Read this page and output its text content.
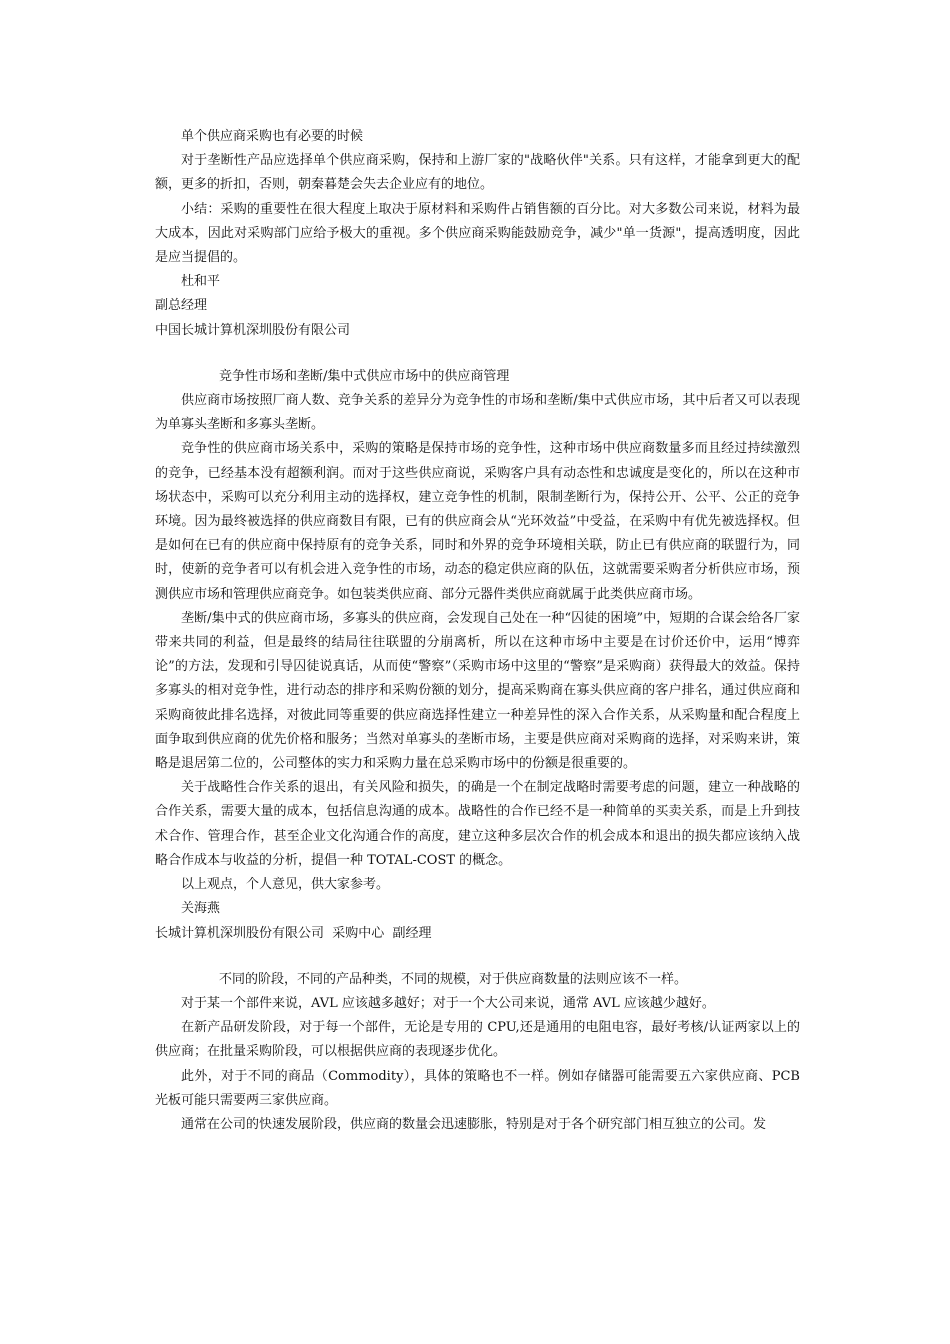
单个供应商采购也有必要的时候

对于垄断性产品应选择单个供应商采购，保持和上游厂家的"战略伙伴"关系。只有这样，才能拿到更大的配额，更多的折扣，否则，朝秦暮楚会失去企业应有的地位。

小结：采购的重要性在很大程度上取决于原材料和采购件占销售额的百分比。对大多数公司来说，材料为最大成本，因此对采购部门应给予极大的重视。多个供应商采购能鼓励竞争，减少"单一货源"，提高透明度，因此是应当提倡的。

杜和平

副总经理

中国长城计算机深圳股份有限公司

竞争性市场和垄断/集中式供应市场中的供应商管理

供应商市场按照厂商人数、竞争关系的差异分为竞争性的市场和垄断/集中式供应市场，其中后者又可以表现为单寡头垄断和多寡头垄断。

竞争性的供应商市场关系中，采购的策略是保持市场的竞争性，这种市场中供应商数量多而且经过持续激烈的竞争，已经基本没有超额利润。而对于这些供应商说，采购客户具有动态性和忠诚度是变化的，所以在这种市场状态中，采购可以充分利用主动的选择权，建立竞争性的机制，限制垄断行为，保持公开、公平、公正的竞争环境。因为最终被选择的供应商数目有限，已有的供应商会从“光环效益”中受益，在采购中有优先被选择权。但是如何在已有的供应商中保持原有的竞争关系，同时和外界的竞争环境相关联，防止已有供应商的联盟行为，同时，使新的竞争者可以有机会进入竞争性的市场，动态的稳定供应商的队伍，这就需要采购者分析供应市场，预测供应市场和管理供应商竞争。如包装类供应商、部分元器件类供应商就属于此类供应商市场。

垄断/集中式的供应商市场，多寡头的供应商，会发现自己处在一种“囚徒的困境”中，短期的合谋会给各厂家带来共同的利益，但是最终的结局往往联盟的分崩离析，所以在这种市场中主要是在讨价还价中，运用“博弈论”的方法，发现和引导囚徒说真话，从而使“警察”（采购市场中这里的“警察”是采购商）获得最大的效益。保持多寡头的相对竞争性，进行动态的排序和采购份额的划分，提高采购商在寡头供应商的客户排名，通过供应商和采购商彼此排名选择，对彼此同等重要的供应商选择性建立一种差异性的深入合作关系，从采购量和配合程度上面争取到供应商的优先价格和服务；当然对单寡头的垄断市场，主要是供应商对采购商的选择，对采购来讲，策略是退居第二位的，公司整体的实力和采购力量在总采购市场中的份额是很重要的。

关于战略性合作关系的退出，有关风险和损失，的确是一个在制定战略时需要考虑的问题，建立一种战略的合作关系，需要大量的成本，包括信息沟通的成本。战略性的合作已经不是一种简单的买卖关系，而是上升到技术合作、管理合作，甚至企业文化沟通合作的高度，建立这种多层次合作的机会成本和退出的损失都应该纳入战略合作成本与收益的分析，提倡一种 TOTAL-COST 的概念。

以上观点，个人意见，供大家参考。

关海燕

长城计算机深圳股份有限公司  采购中心  副经理

不同的阶段，不同的产品种类，不同的规模，对于供应商数量的法则应该不一样。

对于某一个部件来说，AVL 应该越多越好；对于一个大公司来说，通常 AVL 应该越少越好。

在新产品研发阶段，对于每一个部件，无论是专用的 CPU,还是通用的电阻电容，最好考核/认证两家以上的供应商；在批量采购阶段，可以根据供应商的表现逐步优化。

此外，对于不同的商品（Commodity），具体的策略也不一样。例如存储器可能需要五六家供应商、PCB 光板可能只需要两三家供应商。

通常在公司的快速发展阶段，供应商的数量会迅速膨胀，特别是对于各个研究部门相互独立的公司。发
